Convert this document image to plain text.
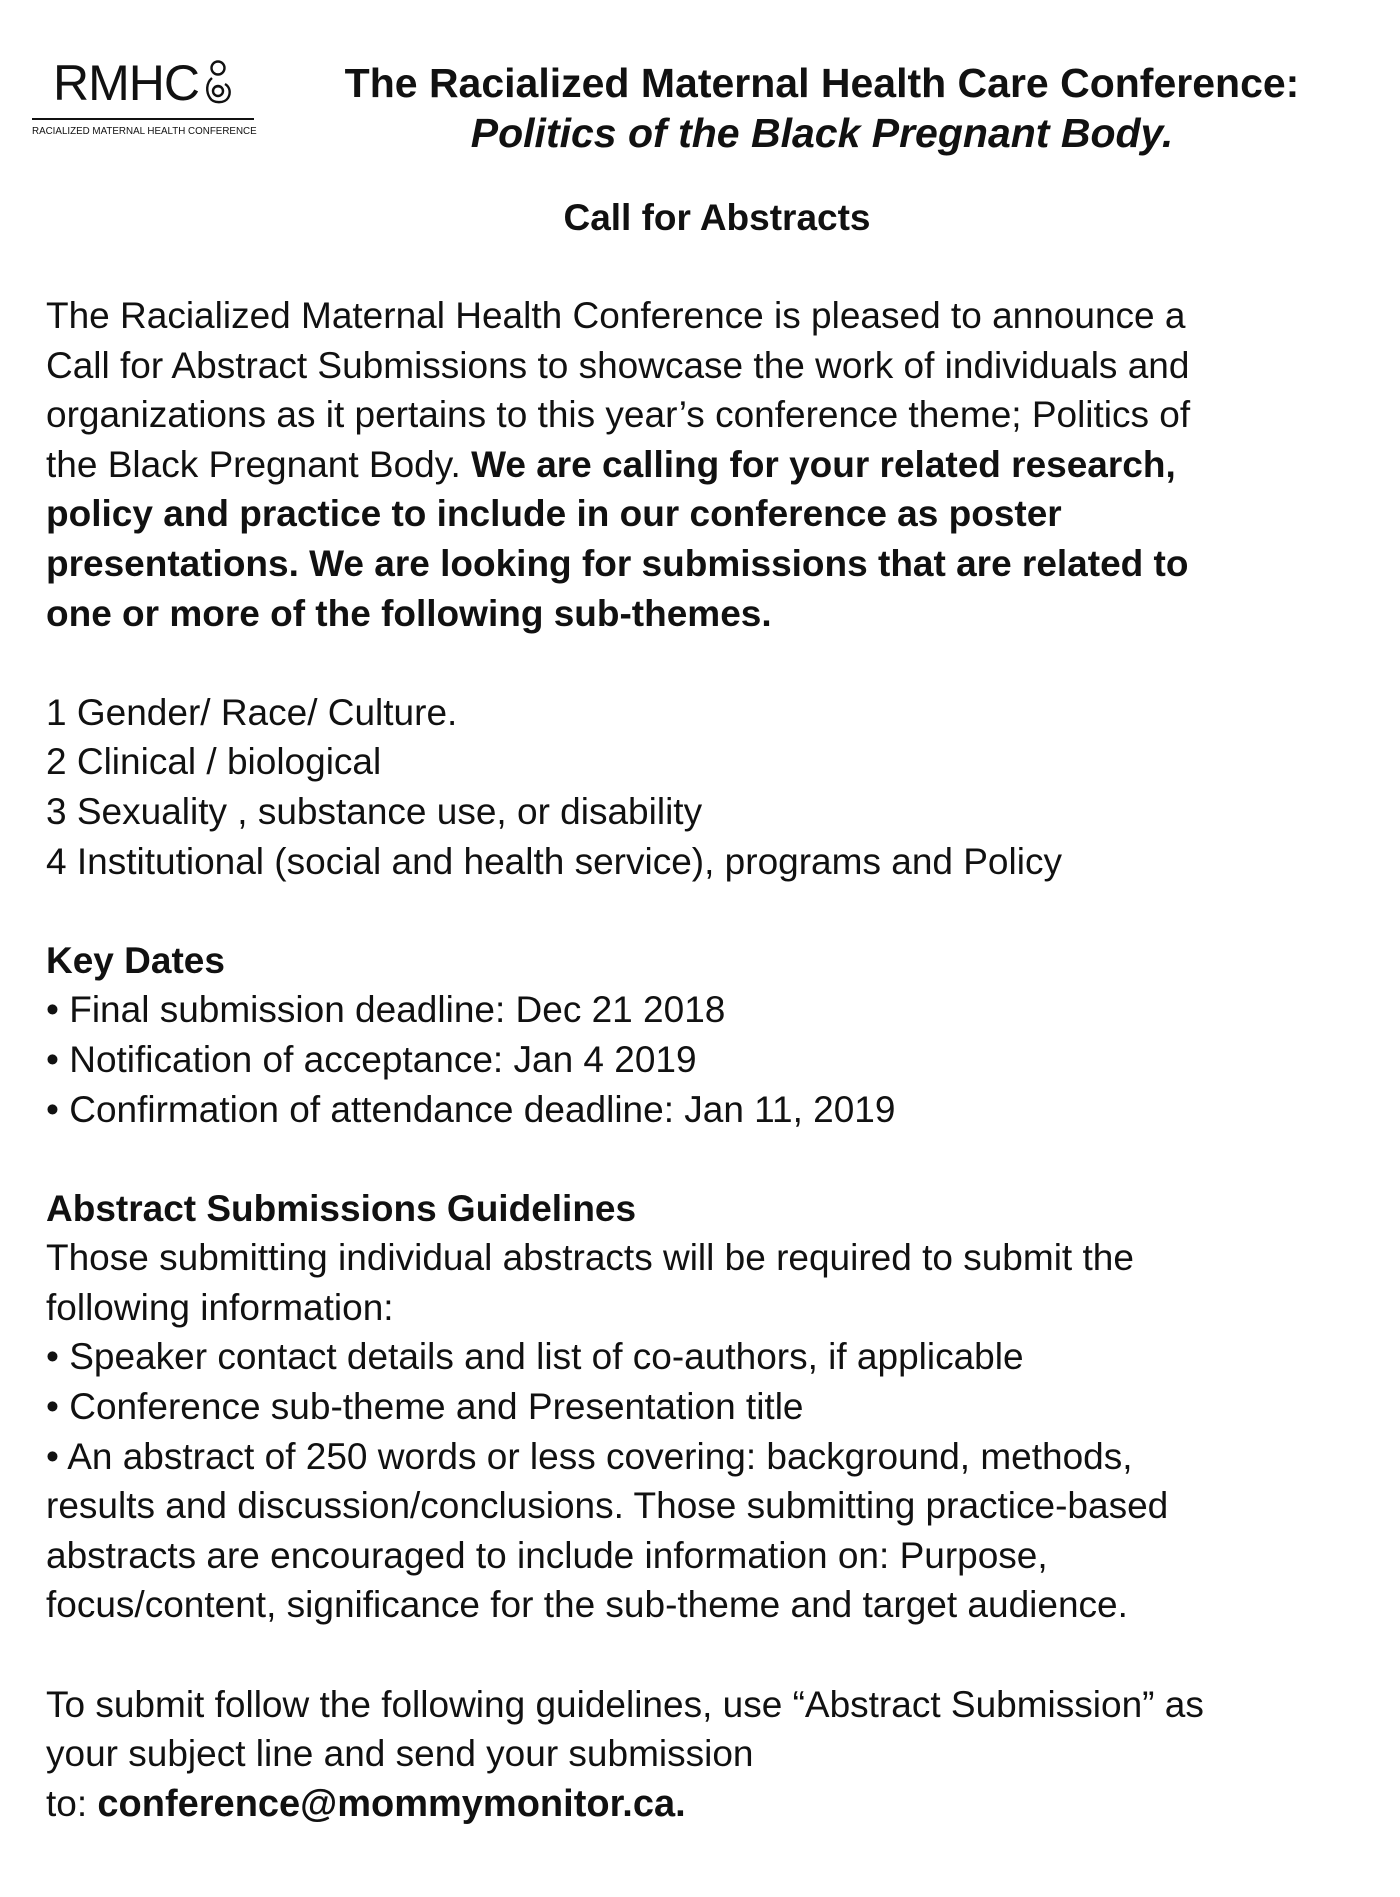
RMHC
RACIALIZED MATERNAL HEALTH CONFERENCE
The Racialized Maternal Health Care Conference:
Politics of the Black Pregnant Body.
Call for Abstracts

The Racialized Maternal Health Conference is pleased to announce a

Call for Abstract Submissions to showcase the work of individuals and

organizations as it pertains to this year’s conference theme; Politics of

the Black Pregnant Body. We are calling for your related research,

policy and practice to include in our conference as poster

presentations. We are looking for submissions that are related to

one or more of the following sub-themes.

1 Gender/ Race/ Culture.

2 Clinical / biological

3 Sexuality , substance use, or disability

4 Institutional (social and health service), programs and Policy

Key Dates

• Final submission deadline: Dec 21 2018

• Notification of acceptance: Jan 4 2019

• Confirmation of attendance deadline: Jan 11, 2019

Abstract Submissions Guidelines

Those submitting individual abstracts will be required to submit the

following information:

• Speaker contact details and list of co-authors, if applicable

• Conference sub-theme and Presentation title

• An abstract of 250 words or less covering: background, methods,

results and discussion/conclusions. Those submitting practice-based

abstracts are encouraged to include information on: Purpose,

focus/content, significance for the sub-theme and target audience.

To submit follow the following guidelines, use “Abstract Submission” as

your subject line and send your submission

to: conference@mommymonitor.ca.
